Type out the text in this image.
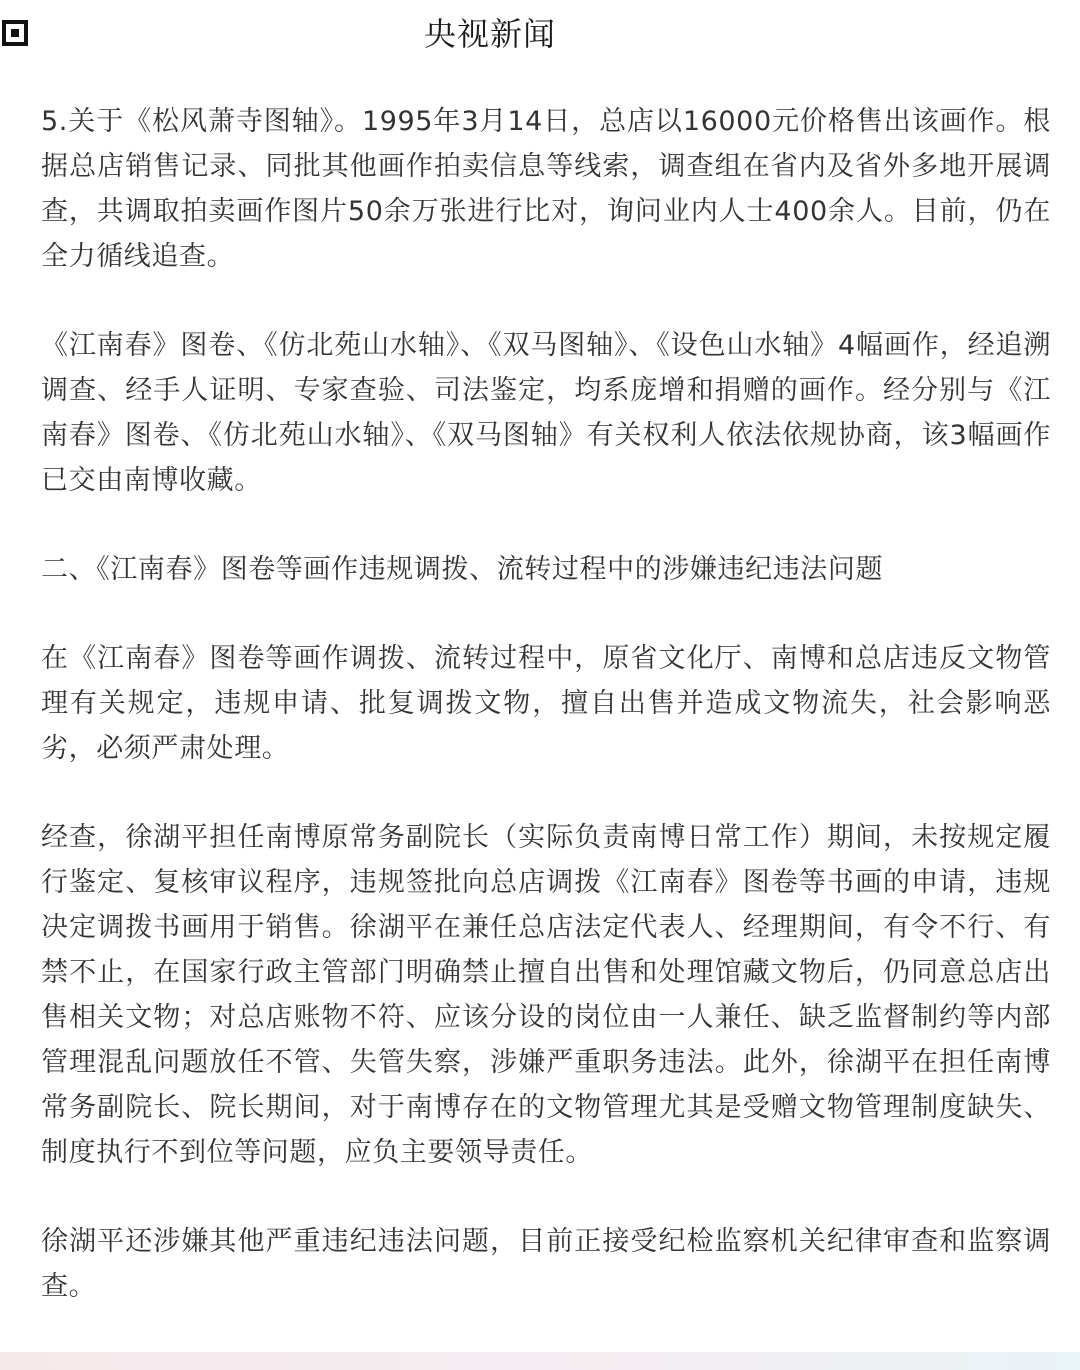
央视新闻

5.关于《松风萧寺图轴》。1995年3月14日，总店以16000元价格售出该画作。根据总店销售记录、同批其他画作拍卖信息等线索，调查组在省内及省外多地开展调查，共调取拍卖画作图片50余万张进行比对，询问业内人士400余人。目前，仍在全力循线追查。

《江南春》图卷、《仿北苑山水轴》、《双马图轴》、《设色山水轴》4幅画作，经追溯调查、经手人证明、专家查验、司法鉴定，均系庞增和捐赠的画作。经分别与《江南春》图卷、《仿北苑山水轴》、《双马图轴》有关权利人依法依规协商，该3幅画作已交由南博收藏。

二、《江南春》图卷等画作违规调拨、流转过程中的涉嫌违纪违法问题

在《江南春》图卷等画作调拨、流转过程中，原省文化厅、南博和总店违反文物管理有关规定，违规申请、批复调拨文物，擅自出售并造成文物流失，社会影响恶劣，必须严肃处理。

经查，徐湖平担任南博原常务副院长（实际负责南博日常工作）期间，未按规定履行鉴定、复核审议程序，违规签批向总店调拨《江南春》图卷等书画的申请，违规决定调拨书画用于销售。徐湖平在兼任总店法定代表人、经理期间，有令不行、有禁不止，在国家行政主管部门明确禁止擅自出售和处理馆藏文物后，仍同意总店出售相关文物；对总店账物不符、应该分设的岗位由一人兼任、缺乏监督制约等内部管理混乱问题放任不管、失管失察，涉嫌严重职务违法。此外，徐湖平在担任南博常务副院长、院长期间，对于南博存在的文物管理尤其是受赠文物管理制度缺失、制度执行不到位等问题，应负主要领导责任。

徐湖平还涉嫌其他严重违纪违法问题，目前正接受纪检监察机关纪律审查和监察调查。
